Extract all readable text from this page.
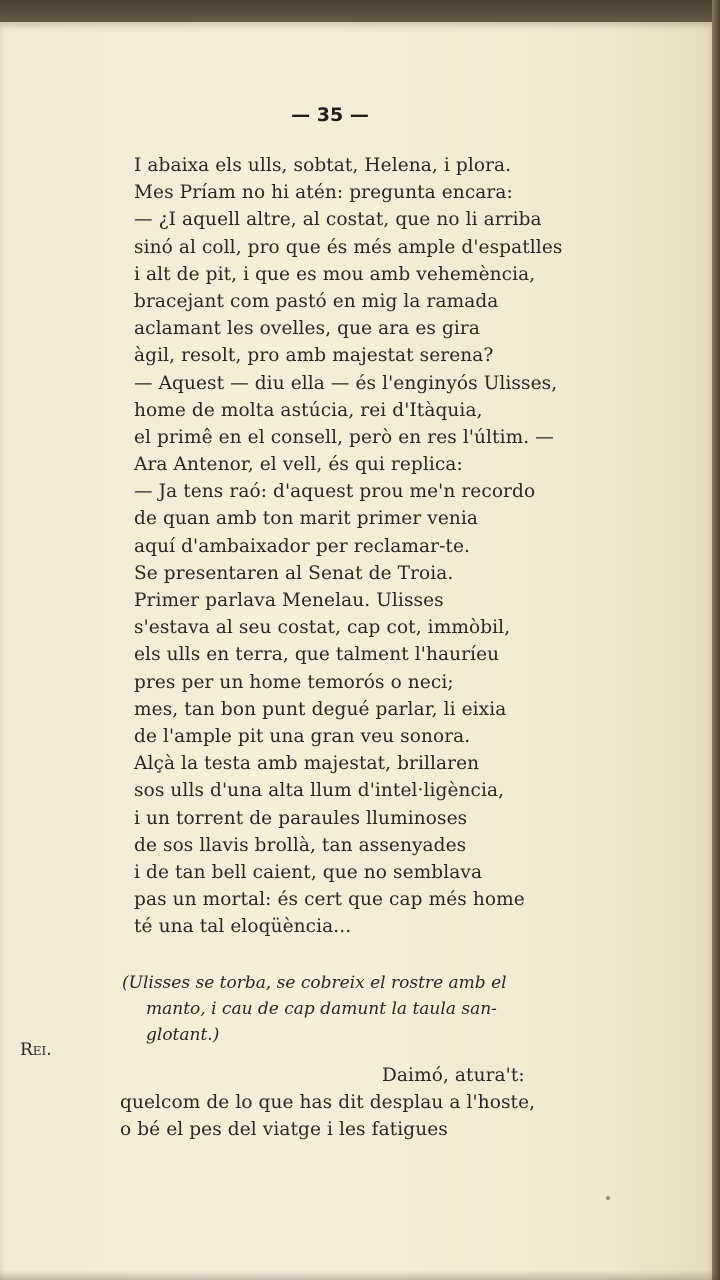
— 35 —
I abaixa els ulls, sobtat, Helena, i plora.
Mes Príam no hi atén: pregunta encara:
— ¿I aquell altre, al costat, que no li arriba
sinó al coll, pro que és més ample d'espatlles
i alt de pit, i que es mou amb vehemència,
bracejant com pastó en mig la ramada
aclamant les ovelles, que ara es gira
àgil, resolt, pro amb majestat serena?
— Aquest — diu ella — és l'enginyós Ulisses,
home de molta astúcia, rei d'Itàquia,
el primê en el consell, però en res l'últim. —
Ara Antenor, el vell, és qui replica:
— Ja tens raó: d'aquest prou me'n recordo
de quan amb ton marit primer venia
aquí d'ambaixador per reclamar-te.
Se presentaren al Senat de Troia.
Primer parlava Menelau. Ulisses
s'estava al seu costat, cap cot, immòbil,
els ulls en terra, que talment l'hauríeu
pres per un home temorós o neci;
mes, tan bon punt degué parlar, li eixia
de l'ample pit una gran veu sonora.
Alçà la testa amb majestat, brillaren
sos ulls d'una alta llum d'intel·ligència,
i un torrent de paraules lluminoses
de sos llavis brollà, tan assenyades
i de tan bell caient, que no semblava
pas un mortal: és cert que cap més home
té una tal eloqüència...
(Ulisses se torba, se cobreix el rostre amb el
manto, i cau de cap damunt la taula san-
glotant.)
Rei.
Daimó, atura't:
quelcom de lo que has dit desplau a l'hoste,
o bé el pes del viatge i les fatigues
